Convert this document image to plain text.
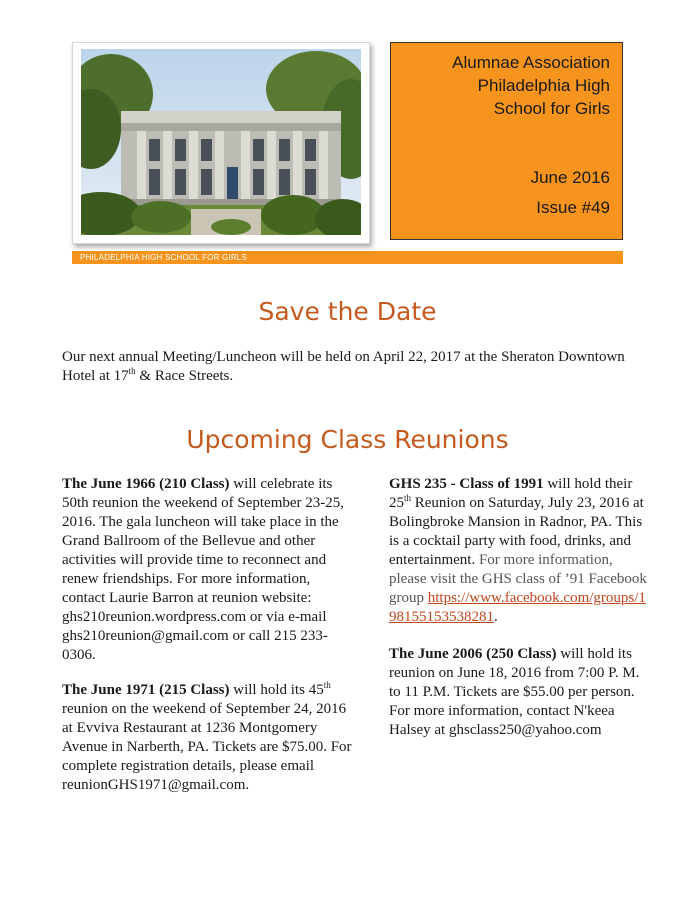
Alumnae Association
Philadelphia High
School for Girls
June 2016
Issue #49
PHILADELPHIA HIGH SCHOOL FOR GIRLS
Save the Date
Our next annual Meeting/Luncheon will be held on April 22, 2017 at the Sheraton Downtown Hotel at 17th & Race Streets.
Upcoming Class Reunions

The June 1966 (210 Class) will celebrate its 50th reunion the weekend of September 23-25, 2016. The gala luncheon will take place in the Grand Ballroom of the Bellevue and other activities will provide time to reconnect and renew friendships. For more information, contact Laurie Barron at reunion website: ghs210reunion.wordpress.com or via e-mail ghs210reunion@gmail.com or call 215 233-0306.

The June 1971 (215 Class) will hold its 45th reunion on the weekend of September 24, 2016 at Evviva Restaurant at 1236 Montgomery Avenue in Narberth, PA. Tickets are $75.00. For complete registration details, please email reunionGHS1971@gmail.com.

GHS 235 - Class of 1991 will hold their 25th Reunion on Saturday, July 23, 2016 at Bolingbroke Mansion in Radnor, PA. This is a cocktail party with food, drinks, and entertainment. For more information, please visit the GHS class of ’91 Facebook group https://www.facebook.com/groups/198155153538281.

The June 2006 (250 Class) will hold its reunion on June 18, 2016 from 7:00 P. M. to 11 P.M. Tickets are $55.00 per person. For more information, contact N'keea Halsey at ghsclass250@yahoo.com
